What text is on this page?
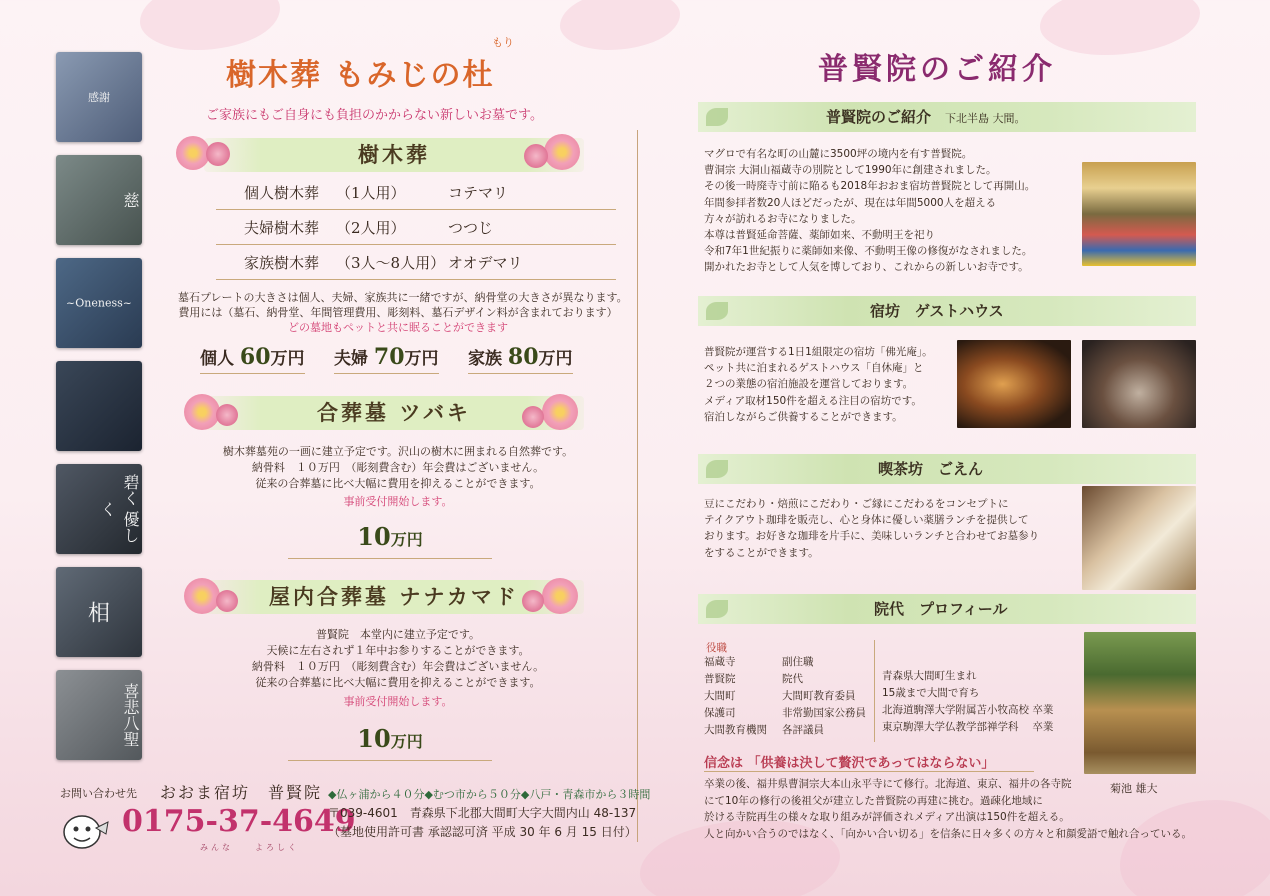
感謝
慈
~Oneness~
碧く 優しく
相
喜悲八聖
樹木葬 もみじの杜
もり
ご家族にもご自身にも負担のかからない新しいお墓です。
樹木葬
個人樹木葬 （1人用）	コテマリ
夫婦樹木葬 （2人用）	つつじ
家族樹木葬 （3人～8人用） オオデマリ
墓石プレートの大きさは個人、夫婦、家族共に一緒ですが、納骨堂の大きさが異なります。
費用には（墓石、納骨堂、年間管理費用、彫刻料、墓石デザイン料が含まれております）
どの墓地もペットと共に眠ることができます
個人 60万円 夫婦 70万円 家族 80万円
合葬墓 ツバキ
樹木葬墓苑の一画に建立予定です。沢山の樹木に囲まれる自然葬です。
納骨料　１０万円　（彫刻費含む）年会費はございません。
従来の合葬墓に比べ大幅に費用を抑えることができます。
事前受付開始します。
10万円
屋内合葬墓 ナナカマド
普賢院　本堂内に建立予定です。
天候に左右されず１年中お参りすることができます。
納骨料　１０万円　（彫刻費含む）年会費はございません。
従来の合葬墓に比べ大幅に費用を抑えることができます。
事前受付開始します。
10万円
お問い合わせ先 おおま宿坊　普賢院
0175-37-4649
みんな　　よろしく
◆仏ヶ浦から４０分◆むつ市から５０分◆八戸・青森市から３時間
〒039-4601　青森県下北郡大間町大字大間内山 48-137
（墓地使用許可書 承認認可済 平成 30 年 6 月 15 日付）
普賢院のご紹介
普賢院のご紹介 下北半島 大間。
マグロで有名な町の山麓に3500坪の境内を有す普賢院。
曹洞宗 大洞山福蔵寺の別院として1990年に創建されました。
その後一時廃寺寸前に陥るも2018年おおま宿坊普賢院として再開山。
年間参拝者数20人ほどだったが、現在は年間5000人を超える
方々が訪れるお寺になりました。
本尊は普賢延命菩薩、薬師如来、不動明王を祀り
令和7年1世紀振りに薬師如来像、不動明王像の修復がなされました。
開かれたお寺として人気を博しており、これからの新しいお寺です。
宿坊　ゲストハウス
普賢院が運営する1日1組限定の宿坊「佛光庵」。
ペット共に泊まれるゲストハウス「自休庵」と
２つの業態の宿泊施設を運営しております。
メディア取材150件を超える注目の宿坊です。
宿泊しながらご供養することができます。
喫茶坊　ごえん
豆にこだわり・焙煎にこだわり・ご縁にこだわるをコンセプトに
テイクアウト珈琲を販売し、心と身体に優しい薬膳ランチを提供して
おります。お好きな珈琲を片手に、美味しいランチと合わせてお墓参り
をすることができます。
院代　プロフィール
役職
福蔵寺
普賢院
大間町
保護司
大間教育機関
副住職
院代
大間町教育委員
非常勤国家公務員
各評議員
青森県大間町生まれ
15歳まで大間で育ち
北海道駒澤大学附属苫小牧高校 卒業
東京駒澤大学仏教学部禅学科　 卒業
菊池 雄大
信念は 「供養は決して贅沢であってはならない」
卒業の後、福井県曹洞宗大本山永平寺にて修行。北海道、東京、福井の各寺院
にて10年の修行の後祖父が建立した普賢院の再建に挑む。過疎化地域に
於ける寺院再生の様々な取り組みが評価されメディア出演は150件を超える。
人と向かい合うのではなく、「向かい合い切る」を信条に日々多くの方々と和顔愛語で触れ合っている。
